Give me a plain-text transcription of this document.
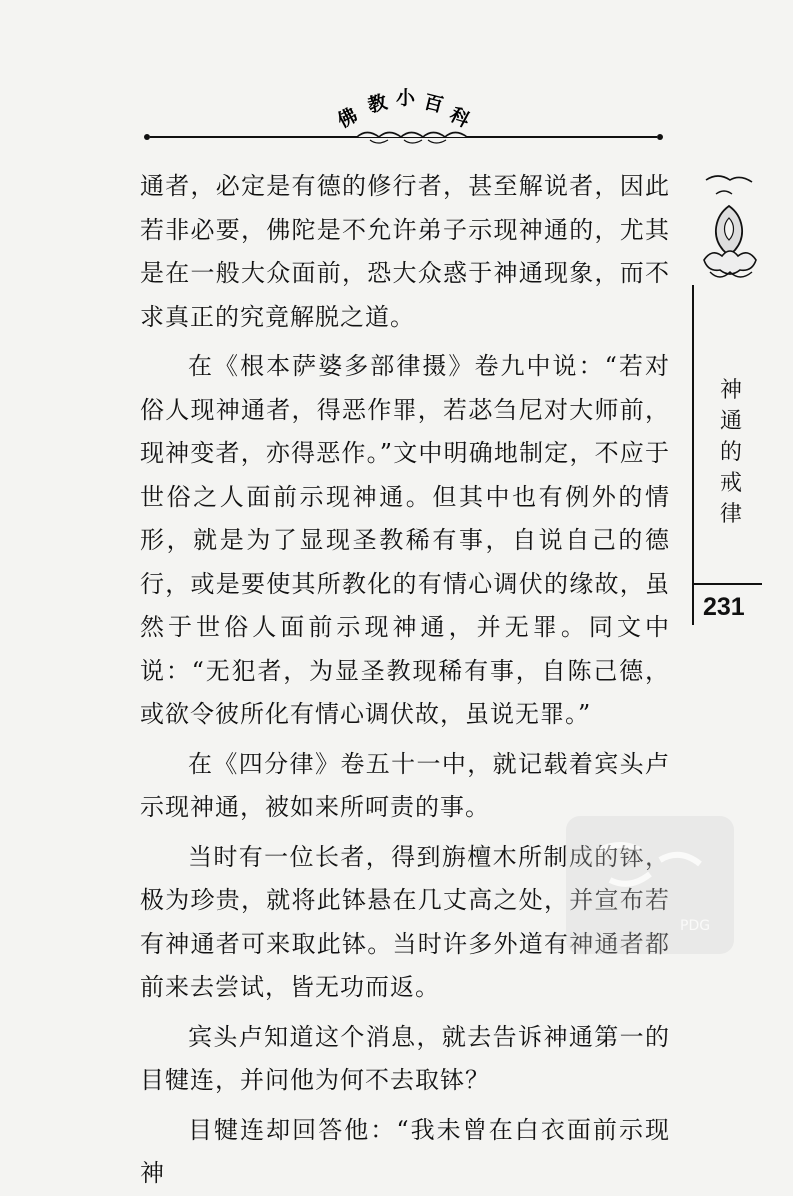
佛 教 小 百 科

通者，必定是有德的修行者，甚至解说者，因此若非必要，佛陀是不允许弟子示现神通的，尤其是在一般大众面前，恐大众惑于神通现象，而不求真正的究竟解脱之道。

在《根本萨婆多部律摄》卷九中说：“若对俗人现神通者，得恶作罪，若苾刍尼对大师前，现神变者，亦得恶作。”文中明确地制定，不应于世俗之人面前示现神通。但其中也有例外的情形，就是为了显现圣教稀有事，自说自己的德行，或是要使其所教化的有情心调伏的缘故，虽然于世俗人面前示现神通，并无罪。同文中说：“无犯者，为显圣教现稀有事，自陈己德，或欲令彼所化有情心调伏故，虽说无罪。”

在《四分律》卷五十一中，就记载着宾头卢示现神通，被如来所呵责的事。

当时有一位长者，得到旃檀木所制成的钵，极为珍贵，就将此钵悬在几丈高之处，并宣布若有神通者可来取此钵。当时许多外道有神通者都前来去尝试，皆无功而返。

宾头卢知道这个消息，就去告诉神通第一的目犍连，并问他为何不去取钵？

目犍连却回答他：“我未曾在白衣面前示现神

神
通
的
戒
律
231
PDG
